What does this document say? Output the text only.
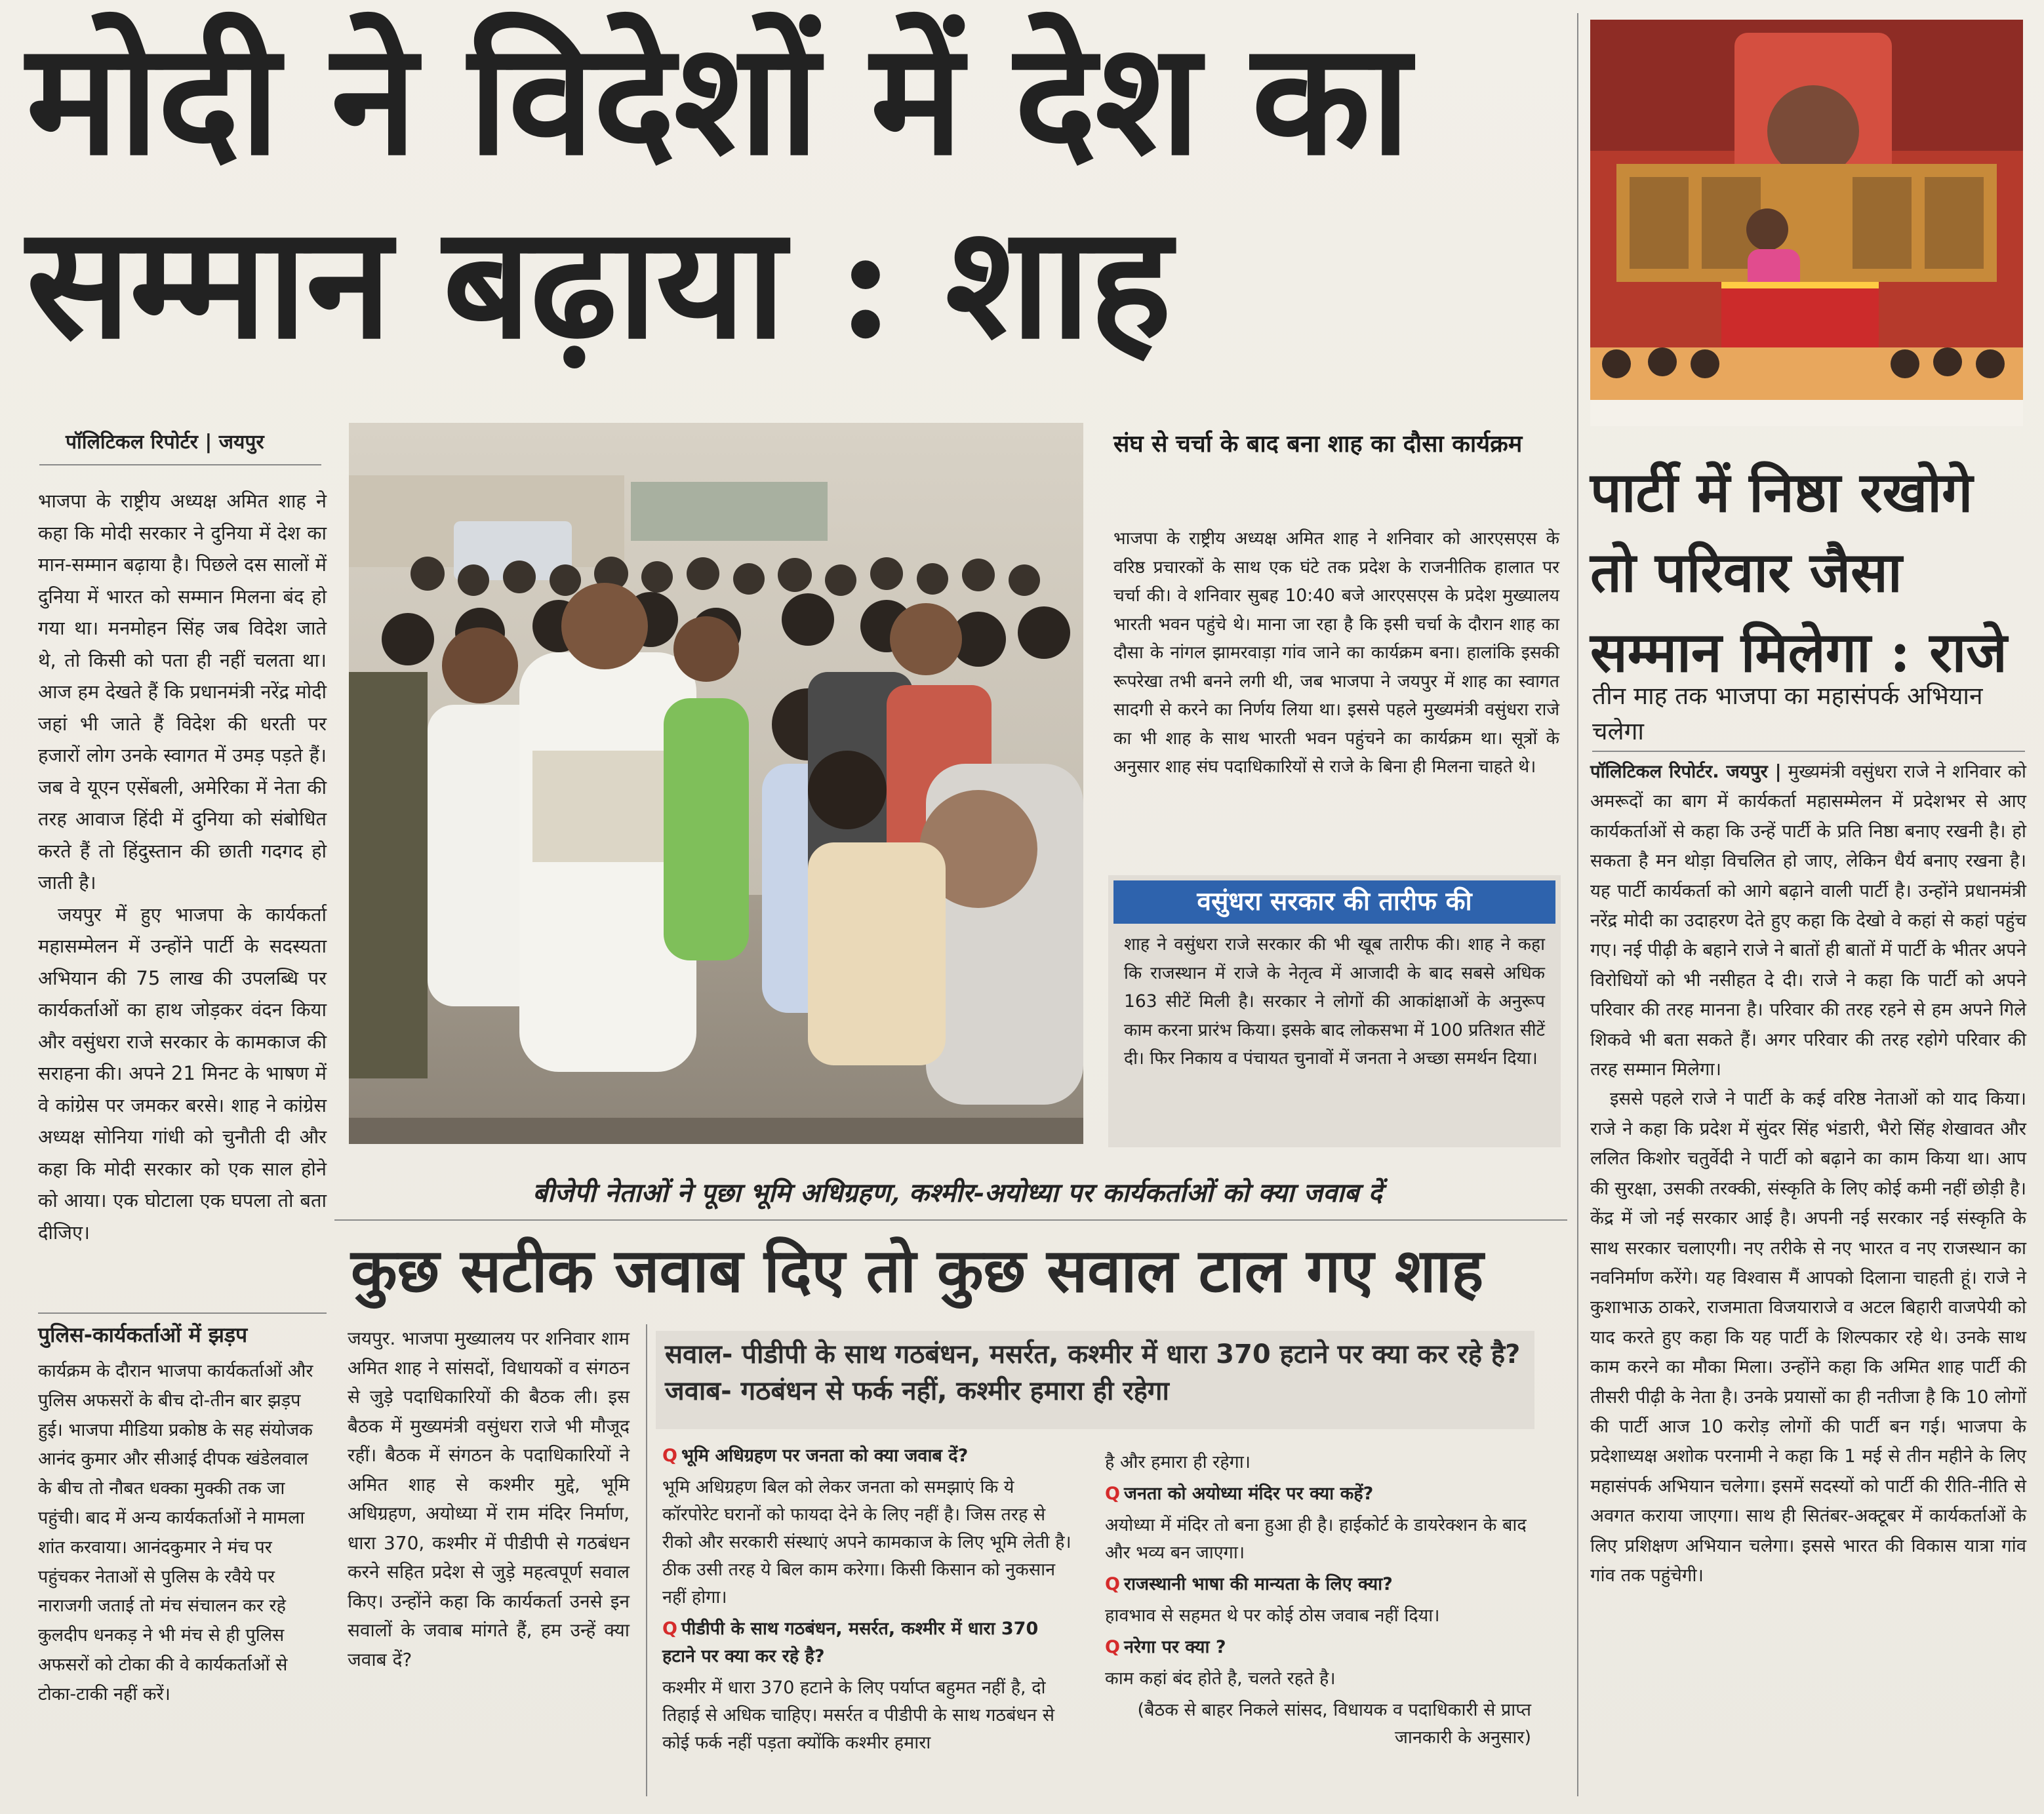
मोदी ने विदेशों में देश का सम्मान बढ़ाया : शाह
पॉलिटिकल रिपोर्टर | जयपुर

भाजपा के राष्ट्रीय अध्यक्ष अमित शाह ने कहा कि मोदी सरकार ने दुनिया में देश का मान-सम्मान बढ़ाया है। पिछले दस सालों में दुनिया में भारत को सम्मान मिलना बंद हो गया था। मनमोहन सिंह जब विदेश जाते थे, तो किसी को पता ही नहीं चलता था। आज हम देखते हैं कि प्रधानमंत्री नरेंद्र मोदी जहां भी जाते हैं विदेश की धरती पर हजारों लोग उनके स्वागत में उमड़ पड़ते हैं। जब वे यूएन एसेंबली, अमेरिका में नेता की तरह आवाज हिंदी में दुनिया को संबोधित करते हैं तो हिंदुस्तान की छाती गदगद हो जाती है।

जयपुर में हुए भाजपा के कार्यकर्ता महासम्मेलन में उन्होंने पार्टी के सदस्यता अभियान की 75 लाख की उपलब्धि पर कार्यकर्ताओं का हाथ जोड़कर वंदन किया और वसुंधरा राजे सरकार के कामकाज की सराहना की। अपने 21 मिनट के भाषण में वे कांग्रेस पर जमकर बरसे। शाह ने कांग्रेस अध्यक्ष सोनिया गांधी को चुनौती दी और कहा कि मोदी सरकार को एक साल होने को आया। एक घोटाला एक घपला तो बता दीजिए।

संघ से चर्चा के बाद बना शाह का दौसा कार्यक्रम
भाजपा के राष्ट्रीय अध्यक्ष अमित शाह ने शनिवार को आरएसएस के वरिष्ठ प्रचारकों के साथ एक घंटे तक प्रदेश के राजनीतिक हालात पर चर्चा की। वे शनिवार सुबह 10:40 बजे आरएसएस के प्रदेश मुख्यालय भारती भवन पहुंचे थे। माना जा रहा है कि इसी चर्चा के दौरान शाह का दौसा के नांगल झामरवाड़ा गांव जाने का कार्यक्रम बना। हालांकि इसकी रूपरेखा तभी बनने लगी थी, जब भाजपा ने जयपुर में शाह का स्वागत सादगी से करने का निर्णय लिया था। इससे पहले मुख्यमंत्री वसुंधरा राजे का भी शाह के साथ भारती भवन पहुंचने का कार्यक्रम था। सूत्रों के अनुसार शाह संघ पदाधिकारियों से राजे के बिना ही मिलना चाहते थे।
वसुंधरा सरकार की तारीफ की
शाह ने वसुंधरा राजे सरकार की भी खूब तारीफ की। शाह ने कहा कि राजस्थान में राजे के नेतृत्व में आजादी के बाद सबसे अधिक 163 सीटें मिली है। सरकार ने लोगों की आकांक्षाओं के अनुरूप काम करना प्रारंभ किया। इसके बाद लोकसभा में 100 प्रतिशत सीटें दी। फिर निकाय व पंचायत चुनावों में जनता ने अच्छा समर्थन दिया।
बीजेपी नेताओं ने पूछा भूमि अधिग्रहण, कश्मीर-अयोध्या पर कार्यकर्ताओं को क्या जवाब दें
कुछ सटीक जवाब दिए तो कुछ सवाल टाल गए शाह
पुलिस-कार्यकर्ताओं में झड़प
कार्यक्रम के दौरान भाजपा कार्यकर्ताओं और पुलिस अफसरों के बीच दो-तीन बार झड़प हुई। भाजपा मीडिया प्रकोष्ठ के सह संयोजक आनंद कुमार और सीआई दीपक खंडेलवाल के बीच तो नौबत धक्का मुक्की तक जा पहुंची। बाद में अन्य कार्यकर्ताओं ने मामला शांत करवाया। आनंदकुमार ने मंच पर पहुंचकर नेताओं से पुलिस के रवैये पर नाराजगी जताई तो मंच संचालन कर रहे कुलदीप धनकड़ ने भी मंच से ही पुलिस अफसरों को टोका की वे कार्यकर्ताओं से टोका-टाकी नहीं करें।
जयपुर. भाजपा मुख्यालय पर शनिवार शाम अमित शाह ने सांसदों, विधायकों व संगठन से जुड़े पदाधिकारियों की बैठक ली। इस बैठक में मुख्यमंत्री वसुंधरा राजे भी मौजूद रहीं। बैठक में संगठन के पदाधिकारियों ने अमित शाह से कश्मीर मुद्दे, भूमि अधिग्रहण, अयोध्या में राम मंदिर निर्माण, धारा 370, कश्मीर में पीडीपी से गठबंधन करने सहित प्रदेश से जुड़े महत्वपूर्ण सवाल किए। उन्होंने कहा कि कार्यकर्ता उनसे इन सवालों के जवाब मांगते हैं, हम उन्हें क्या जवाब दें?
सवाल- पीडीपी के साथ गठबंधन, मसर्रत, कश्मीर में धारा 370 हटाने पर क्या कर रहे है? जवाब- गठबंधन से फर्क नहीं, कश्मीर हमारा ही रहेगा

Q भूमि अधिग्रहण पर जनता को क्या जवाब दें?

भूमि अधिग्रहण बिल को लेकर जनता को समझाएं कि ये कॉरपोरेट घरानों को फायदा देने के लिए नहीं है। जिस तरह से रीको और सरकारी संस्थाएं अपने कामकाज के लिए भूमि लेती है। ठीक उसी तरह ये बिल काम करेगा। किसी किसान को नुकसान नहीं होगा।

Q पीडीपी के साथ गठबंधन, मसर्रत, कश्मीर में धारा 370 हटाने पर क्या कर रहे है?

कश्मीर में धारा 370 हटाने के लिए पर्याप्त बहुमत नहीं है, दो तिहाई से अधिक चाहिए। मसर्रत व पीडीपी के साथ गठबंधन से कोई फर्क नहीं पड़ता क्योंकि कश्मीर हमारा

है और हमारा ही रहेगा।

Q जनता को अयोध्या मंदिर पर क्या कहें?

अयोध्या में मंदिर तो बना हुआ ही है। हाईकोर्ट के डायरेक्शन के बाद और भव्य बन जाएगा।

Q राजस्थानी भाषा की मान्यता के लिए क्या?

हावभाव से सहमत थे पर कोई ठोस जवाब नहीं दिया।

Q नरेगा पर क्या ?

काम कहां बंद होते है, चलते रहते है।

(बैठक से बाहर निकले सांसद, विधायक व पदाधिकारी से प्राप्त जानकारी के अनुसार)

पार्टी में निष्ठा रखोगे तो परिवार जैसा सम्मान मिलेगा : राजे
तीन माह तक भाजपा का महासंपर्क अभियान चलेगा

पॉलिटिकल रिपोर्टर. जयपुर | मुख्यमंत्री वसुंधरा राजे ने शनिवार को अमरूदों का बाग में कार्यकर्ता महासम्मेलन में प्रदेशभर से आए कार्यकर्ताओं से कहा कि उन्हें पार्टी के प्रति निष्ठा बनाए रखनी है। हो सकता है मन थोड़ा विचलित हो जाए, लेकिन धैर्य बनाए रखना है। यह पार्टी कार्यकर्ता को आगे बढ़ाने वाली पार्टी है। उन्होंने प्रधानमंत्री नरेंद्र मोदी का उदाहरण देते हुए कहा कि देखो वे कहां से कहां पहुंच गए। नई पीढ़ी के बहाने राजे ने बातों ही बातों में पार्टी के भीतर अपने विरोधियों को भी नसीहत दे दी। राजे ने कहा कि पार्टी को अपने परिवार की तरह मानना है। परिवार की तरह रहने से हम अपने गिले शिकवे भी बता सकते हैं। अगर परिवार की तरह रहोगे परिवार की तरह सम्मान मिलेगा।

इससे पहले राजे ने पार्टी के कई वरिष्ठ नेताओं को याद किया। राजे ने कहा कि प्रदेश में सुंदर सिंह भंडारी, भैरो सिंह शेखावत और ललित किशोर चतुर्वेदी ने पार्टी को बढ़ाने का काम किया था। आप की सुरक्षा, उसकी तरक्की, संस्कृति के लिए कोई कमी नहीं छोड़ी है। केंद्र में जो नई सरकार आई है। अपनी नई सरकार नई संस्कृति के साथ सरकार चलाएगी। नए तरीके से नए भारत व नए राजस्थान का नवनिर्माण करेंगे। यह विश्वास मैं आपको दिलाना चाहती हूं। राजे ने कुशाभाऊ ठाकरे, राजमाता विजयाराजे व अटल बिहारी वाजपेयी को याद करते हुए कहा कि यह पार्टी के शिल्पकार रहे थे। उनके साथ काम करने का मौका मिला। उन्होंने कहा कि अमित शाह पार्टी की तीसरी पीढ़ी के नेता है। उनके प्रयासों का ही नतीजा है कि 10 लोगों की पार्टी आज 10 करोड़ लोगों की पार्टी बन गई। भाजपा के प्रदेशाध्यक्ष अशोक परनामी ने कहा कि 1 मई से तीन महीने के लिए महासंपर्क अभियान चलेगा। इसमें सदस्यों को पार्टी की रीति-नीति से अवगत कराया जाएगा। साथ ही सितंबर-अक्टूबर में कार्यकर्ताओं के लिए प्रशिक्षण अभियान चलेगा। इससे भारत की विकास यात्रा गांव गांव तक पहुंचेगी।
